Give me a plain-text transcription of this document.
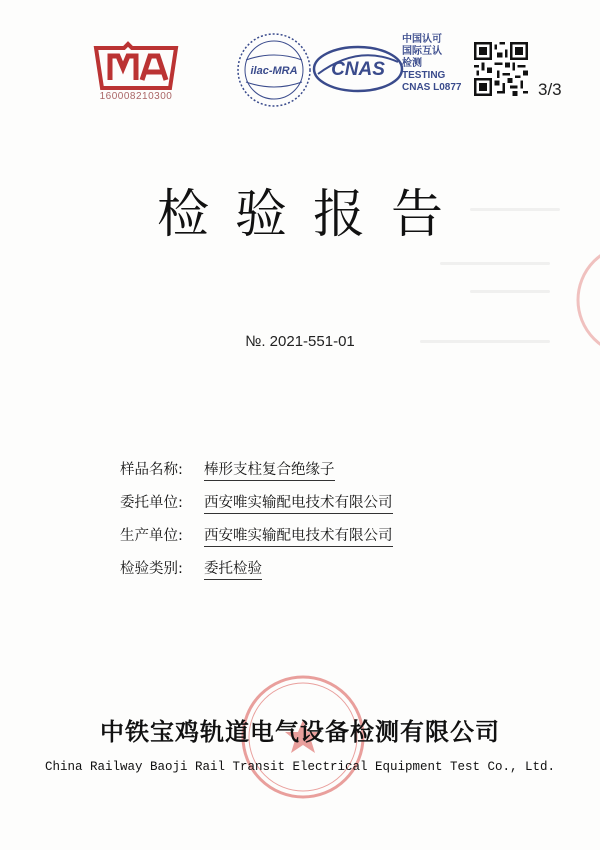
160008210300
ilac-MRA CNAS
中国认可
国际互认
检测
TESTING
CNAS L0877	3/3
检验报告
№. 2021-551-01
样品名称:	棒形支柱复合绝缘子
委托单位:	西安唯实输配电技术有限公司
生产单位:	西安唯实输配电技术有限公司
检验类别:	委托检验
中铁宝鸡轨道电气设备检测有限公司
China Railway Baoji Rail Transit Electrical Equipment Test Co., Ltd.
